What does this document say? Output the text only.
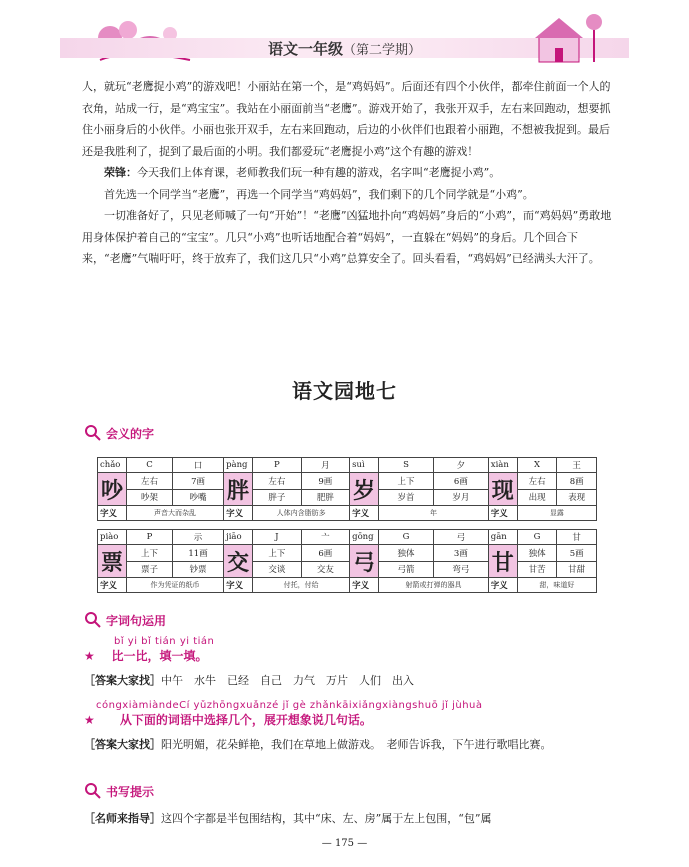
语文一年级（第二学期）

人，就玩“老鹰捉小鸡”的游戏吧！小丽站在第一个，是“鸡妈妈”。后面还有四个小伙伴，都牵住前面一个人的衣角，站成一行，是“鸡宝宝”。我站在小丽面前当“老鹰”。游戏开始了，我张开双手，左右来回跑动，想要抓住小丽身后的小伙伴。小丽也张开双手，左右来回跑动，后边的小伙伴们也跟着小丽跑，不想被我捉到。最后还是我胜利了，捉到了最后面的小明。我们都爱玩“老鹰捉小鸡”这个有趣的游戏！

荣锋：今天我们上体育课，老师教我们玩一种有趣的游戏，名字叫“老鹰捉小鸡”。

首先选一个同学当“老鹰”，再选一个同学当“鸡妈妈”，我们剩下的几个同学就是“小鸡”。

一切准备好了，只见老师喊了一句“开始”！“老鹰”凶猛地扑向“鸡妈妈”身后的“小鸡”，而“鸡妈妈”勇敢地用身体保护着自己的“宝宝”。几只“小鸡”也听话地配合着“妈妈”，一直躲在“妈妈”的身后。几个回合下来，“老鹰”气喘吁吁，终于放弃了，我们这几只“小鸡”总算安全了。回头看看，“鸡妈妈”已经满头大汗了。

语文园地七
会义的字
chǎo	C	口	pàng	P	月	suì	S	夕	xiàn	X	王
吵	左右	7画	胖	左右	9画	岁	上下	6画	现	左右	8画
	吵架	吵嘴		胖子	肥胖		岁首	岁月		出现	表现
字义	声音大而杂乱		字义	人体内含脂肪多		字义	年		字义	显露	

piào	P	示	jiāo	J	亠	gōng	G	弓	gān	G	甘
票	上下	11画	交	上下	6画	弓	独体	3画	甘	独体	5画
	票子	钞票		交谈	交友		弓箭	弯弓		甘苦	甘甜
字义	作为凭证的纸币		字义	付托，付给		字义	射箭或打弹的器具		字义	甜，味道好	
字词句运用
bǐ yi bǐ tián yi tián
★ 比一比，填一填。
［答案大家找］中午　水牛　已经　自己　力气　万片　人们　出入
cóngxiàmiàndeCí yǔzhōngxuǎnzé jǐ gè zhǎnkāixiǎngxiàngshuō jǐ jùhuà
★ 从下面的词语中选择几个，展开想象说几句话。
［答案大家找］阳光明媚，花朵鲜艳，我们在草地上做游戏。　老师告诉我，下午进行歌唱比赛。
书写提示
［名师来指导］这四个字都是半包围结构，其中“床、左、房”属于左上包围，“包”属
— 175 —
